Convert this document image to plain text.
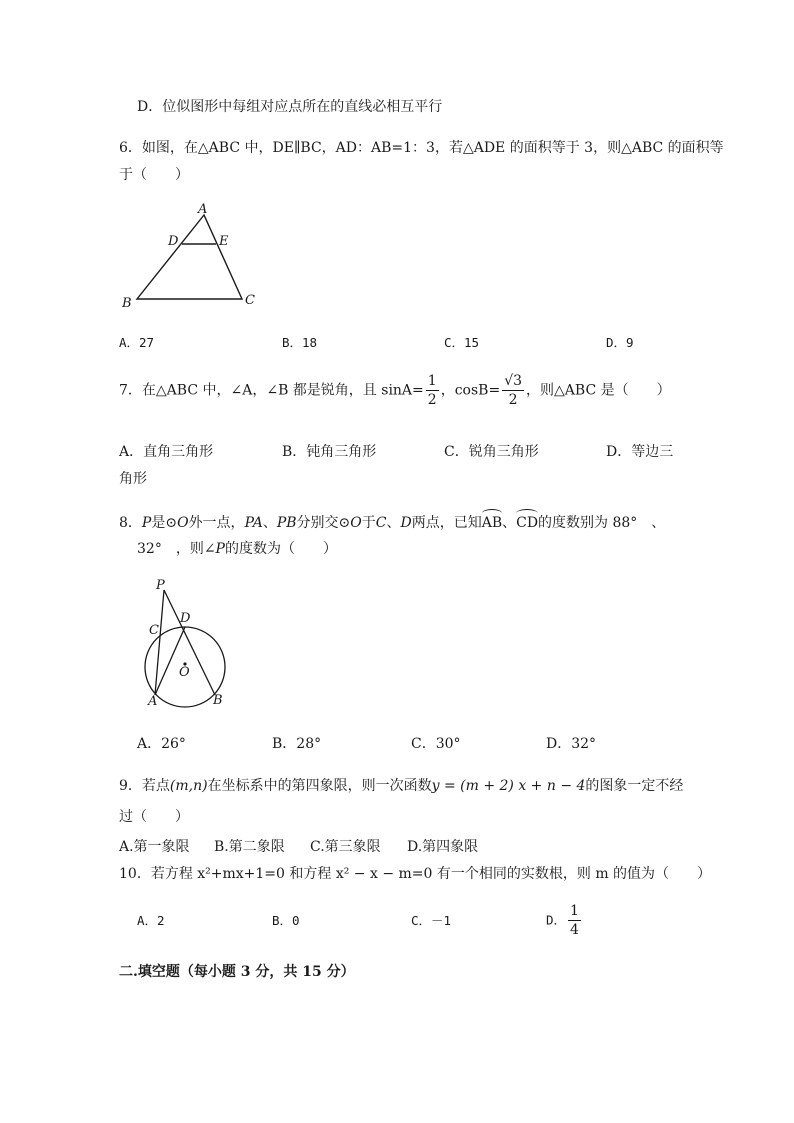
D．位似图形中每组对应点所在的直线必相互平行
6．如图，在△ABC 中，DE∥BC，AD：AB=1：3，若△ADE 的面积等于 3，则△ABC 的面积等
于（　　）
A
D	E
B	C
A．27	B．18	C．15	D．9
7．在△ABC 中，∠A，∠B 都是锐角，且 $\sin A= \frac{1}{2}$ ，$\cos B= \frac{√3}{2}$ ，则△ABC 是（　　）
A．直角三角形	B．钝角三角形	C．锐角三角形	D．等边三
角形
8．P是⊙O外一点，PA、PB分别交⊙O于C、D两点，已知AB、CD的度数别为 88°　、
32°　，则∠P的度数为（　　）
P
C
D
O
A	B
A．26°	B．28°	C．30°	D．32°
9．若点(m,n)在坐标系中的第四象限，则一次函数y = (m + 2) x + n − 4的图象一定不经
过（　　）
A.第一象限 B.第二象限 C.第三象限 D.第四象限
10．若方程 x²+mx+1=0 和方程 x² − x − m=0 有一个相同的实数根，则 m 的值为（　　）
A．2	B．0	C．－1	D． $\frac{1}{4}$
二.填空题（每小题 3 分，共 15 分）
